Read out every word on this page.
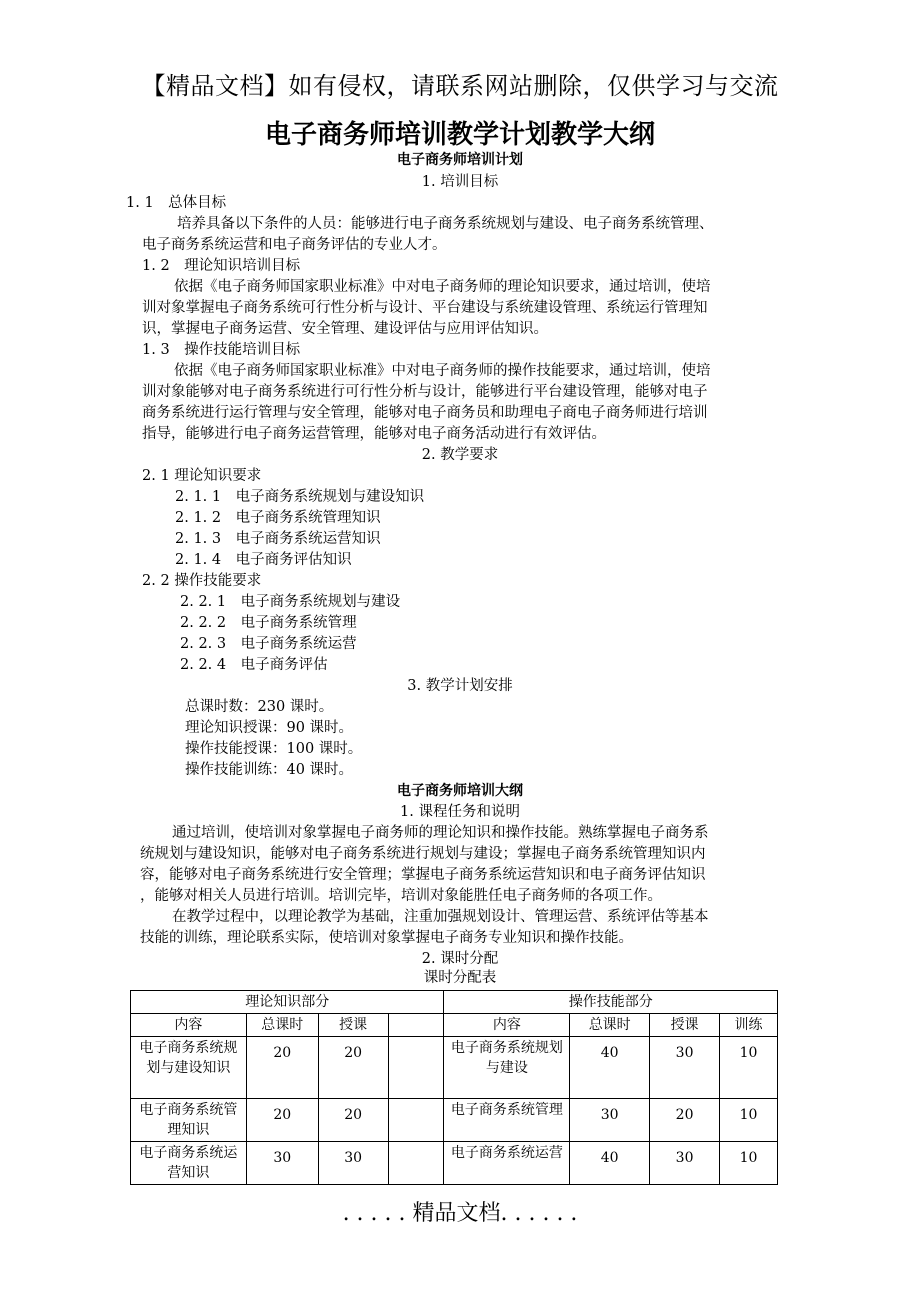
【精品文档】如有侵权，请联系网站删除，仅供学习与交流
电子商务师培训教学计划教学大纲
电子商务师培训计划
1. 培训目标
1. 1　总体目标
培养具备以下条件的人员：能够进行电子商务系统规划与建设、电子商务系统管理、
电子商务系统运营和电子商务评估的专业人才。
1. 2　理论知识培训目标
依据《电子商务师国家职业标准》中对电子商务师的理论知识要求，通过培训，使培
训对象掌握电子商务系统可行性分析与设计、平台建设与系统建设管理、系统运行管理知
识，掌握电子商务运营、安全管理、建设评估与应用评估知识。
1. 3　操作技能培训目标
依据《电子商务师国家职业标准》中对电子商务师的操作技能要求，通过培训，使培
训对象能够对电子商务系统进行可行性分析与设计，能够进行平台建设管理，能够对电子
商务系统进行运行管理与安全管理，能够对电子商务员和助理电子商电子商务师进行培训
指导，能够进行电子商务运营管理，能够对电子商务活动进行有效评估。
2. 教学要求
2. 1 理论知识要求
2. 1. 1　电子商务系统规划与建设知识
2. 1. 2　电子商务系统管理知识
2. 1. 3　电子商务系统运营知识
2. 1. 4　电子商务评估知识
2. 2 操作技能要求
2. 2. 1　电子商务系统规划与建设
2. 2. 2　电子商务系统管理
2. 2. 3　电子商务系统运营
2. 2. 4　电子商务评估
3. 教学计划安排
总课时数：230 课时。
理论知识授课：90 课时。
操作技能授课：100 课时。
操作技能训练：40 课时。
电子商务师培训大纲
1. 课程任务和说明
通过培训，使培训对象掌握电子商务师的理论知识和操作技能。熟练掌握电子商务系
统规划与建设知识，能够对电子商务系统进行规划与建设；掌握电子商务系统管理知识内
容，能够对电子商务系统进行安全管理；掌握电子商务系统运营知识和电子商务评估知识
，能够对相关人员进行培训。培训完毕，培训对象能胜任电子商务师的各项工作。
在教学过程中，以理论教学为基础，注重加强规划设计、管理运营、系统评估等基本
技能的训练，理论联系实际，使培训对象掌握电子商务专业知识和操作技能。
2. 课时分配
课时分配表
理论知识部分				操作技能部分			
内容	总课时	授课		内容	总课时	授课	训练
电子商务系统规划与建设知识	20	20		电子商务系统规划与建设	40	30	10
电子商务系统管理知识	20	20		电子商务系统管理	30	20	10
电子商务系统运营知识	30	30		电子商务系统运营	40	30	10
. . . . . 精品文档. . . . . .
